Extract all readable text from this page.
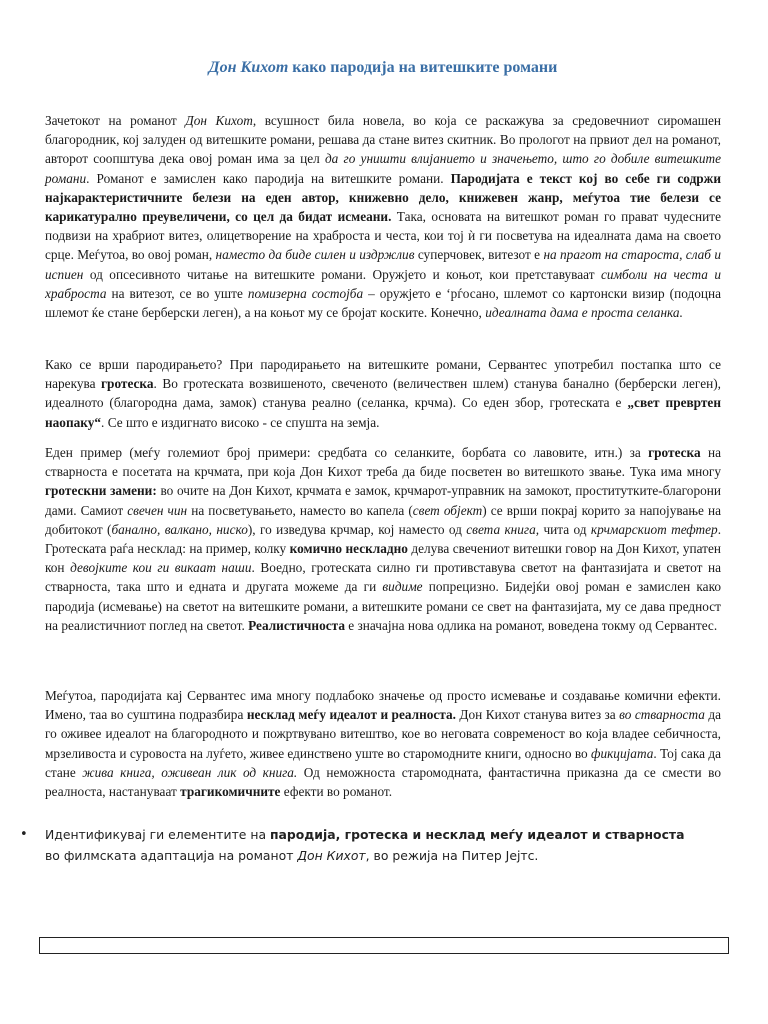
Дон Кихот како пародија на витешките романи

Зачетокот на романот Дон Кихот, всушност била новела, во која се раскажува за средовечниот сиромашен благородник, кој залуден од витешките романи, решава да стане витез скитник. Во прологот на првиот дел на романот, авторот соопштува дека овој роман има за цел да го уништи влијанието и значењето, што го добиле витешките романи. Романот е замислен како пародија на витешките романи. Пародијата е текст кој во себе ги содржи најкарактеристичните белези на еден автор, книжевно дело, книжевен жанр, меѓутоа тие белези се карикатурално преувеличени, со цел да бидат исмеани. Така, основата на витешкот роман го прават чудесните подвизи на храбриот витез, олицетворение на храброста и честа, кои тој ѝ ги посветува на идеалната дама на своето срце. Меѓутоа, во овој роман, наместо да биде силен и издржлив суперчовек, витезот е на прагот на старостa, слаб и испиен од опсесивното читање на витешките романи. Оружјето и коњот, кои претставуваат симболи на честа и храброста на витезот, се во уште помизерна состојба – оружјето е ‘рѓосано, шлемот со картонски визир (подоцна шлемот ќе стане берберски леген), а на коњот му се бројат коските. Конечно, идеалната дама е проста селанка.

Како се врши пародирањето? При пародирањето на витешките романи, Сервантес употребил постапка што се нарекува гротеска. Во гротеската возвишеното, свеченото (величествен шлем) станува банално (берберски леген), идеалното (благородна дама, замок) станува реално (селанка, крчма). Со еден збор, гротескатa е „свет превртен наопаку“. Се што е издигнато високо - се спушта на земја.

Еден пример (меѓу големиот број примери: средбата со селанките, борбата со лавовите, итн.) за гротеска на стварноста е посетата на крчмата, при која Дон Кихот треба да биде посветен во витешкото звање. Тука има многу гротескни замени: во очите на Дон Кихот, крчмата е замок, крчмарот-управник на замокот, проститутките-благорони дами. Самиот свечен чин на посветувањето, наместо во капела (свет објект) се врши покрај корито за напојување на добитокот (банално, валкано, ниско), го изведува крчмар, кој наместо од света книга, чита од крчмарскиот тефтер. Гротескатa раѓа несклад: на пример, колку комично нескладно делува свечениот витешки говор на Дон Кихот, упатен кон девојките кои ги викаат наши. Воедно, гротескатa силно ги противставува светот на фантазијата и светот на стварноста, така што и едната и другата можеме да ги видиме попрецизно. Бидејќи овој роман е замислен како пародија (исмевање) на светот на витешките романи, а витешките романи се свет на фантазијата, му се дава предност на реалистичниот поглед на светот. Реалистичноста е значајна нова одлика на романот, воведена токму од Сервантес.

Меѓутоа, пародијата кај Сервантес има многу подлабоко значење од просто исмевање и создавање комични ефекти. Имено, таа во суштина подразбира несклад меѓу идеалот и реалноста. Дон Кихот станува витез за во стварноста да го оживее идеалот на благородното и пожртвувано витештво, кое во неговата современост во која владее себичноста, мрзеливоста и суровоста на луѓето, живее единствено уште во старомодните книги, односно во фикцијата. Тој сака да стане жива книга, оживеан лик од книга. Од неможноста старомодната, фантастична приказна да се смести во реалноста, настануваат трагикомичните ефекти во романот.

• Идентификувај ги елементите на пародија, гротеска и несклад меѓу идеалот и стварноста во филмската адаптација на романот Дон Кихот, во режија на Питер Јејтс.
